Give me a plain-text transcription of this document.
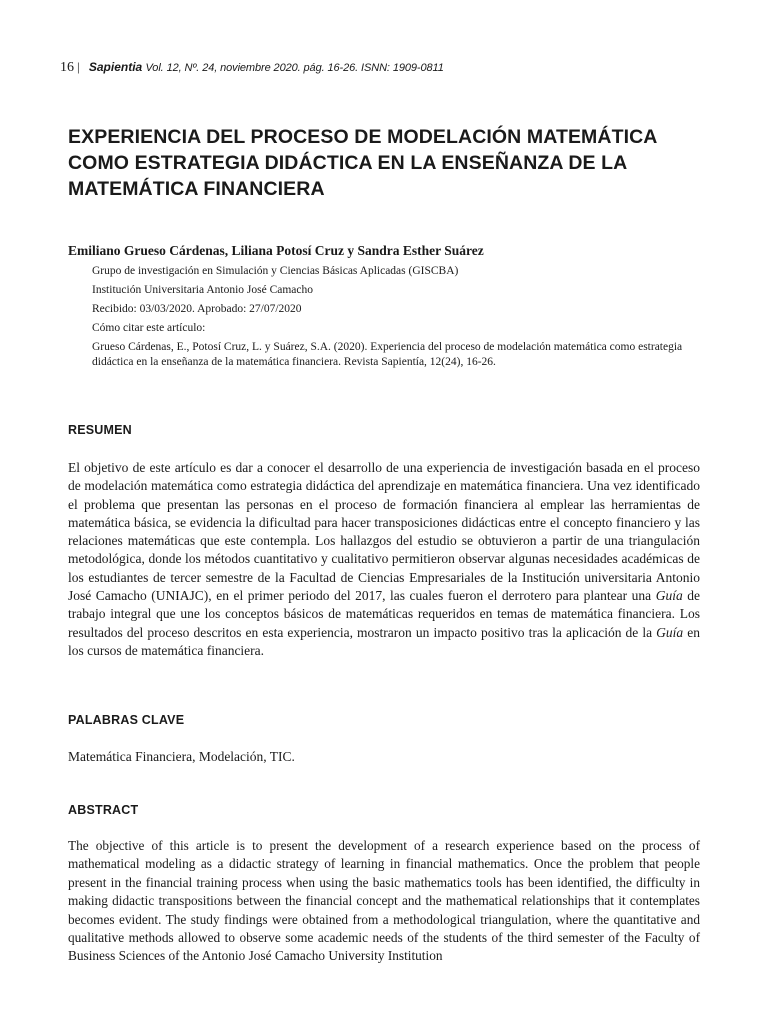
16 | Sapientia Vol. 12, Nº. 24, noviembre 2020. pág. 16-26. ISNN: 1909-0811
EXPERIENCIA DEL PROCESO DE MODELACIÓN MATEMÁTICA COMO ESTRATEGIA DIDÁCTICA EN LA ENSEÑANZA DE LA MATEMÁTICA FINANCIERA

Emiliano Grueso Cárdenas, Liliana Potosí Cruz y Sandra Esther Suárez

Grupo de investigación en Simulación y Ciencias Básicas Aplicadas (GISCBA)

Institución Universitaria Antonio José Camacho

Recibido: 03/03/2020. Aprobado: 27/07/2020

Cómo citar este artículo:

Grueso Cárdenas, E., Potosí Cruz, L. y Suárez, S.A. (2020). Experiencia del proceso de modelación matemática como estrategia didáctica en la enseñanza de la matemática financiera. Revista Sapientía, 12(24), 16-26.

RESUMEN

El objetivo de este artículo es dar a conocer el desarrollo de una experiencia de investigación basada en el proceso de modelación matemática como estrategia didáctica del aprendizaje en matemática financiera. Una vez identificado el problema que presentan las personas en el proceso de formación financiera al emplear las herramientas de matemática básica, se evidencia la dificultad para hacer transposiciones didácticas entre el concepto financiero y las relaciones matemáticas que este contempla. Los hallazgos del estudio se obtuvieron a partir de una triangulación metodológica, donde los métodos cuantitativo y cualitativo permitieron observar algunas necesidades académicas de los estudiantes de tercer semestre de la Facultad de Ciencias Empresariales de la Institución universitaria Antonio José Camacho (UNIAJC), en el primer periodo del 2017, las cuales fueron el derrotero para plantear una Guía de trabajo integral que une los conceptos básicos de matemáticas requeridos en temas de matemática financiera. Los resultados del proceso descritos en esta experiencia, mostraron un impacto positivo tras la aplicación de la Guía en los cursos de matemática financiera.

PALABRAS CLAVE

Matemática Financiera, Modelación, TIC.

ABSTRACT

The objective of this article is to present the development of a research experience based on the process of mathematical modeling as a didactic strategy of learning in financial mathematics. Once the problem that people present in the financial training process when using the basic mathematics tools has been identified, the difficulty in making didactic transpositions between the financial concept and the mathematical relationships that it contemplates becomes evident. The study findings were obtained from a methodological triangulation, where the quantitative and qualitative methods allowed to observe some academic needs of the students of the third semester of the Faculty of Business Sciences of the Antonio José Camacho University Institution
